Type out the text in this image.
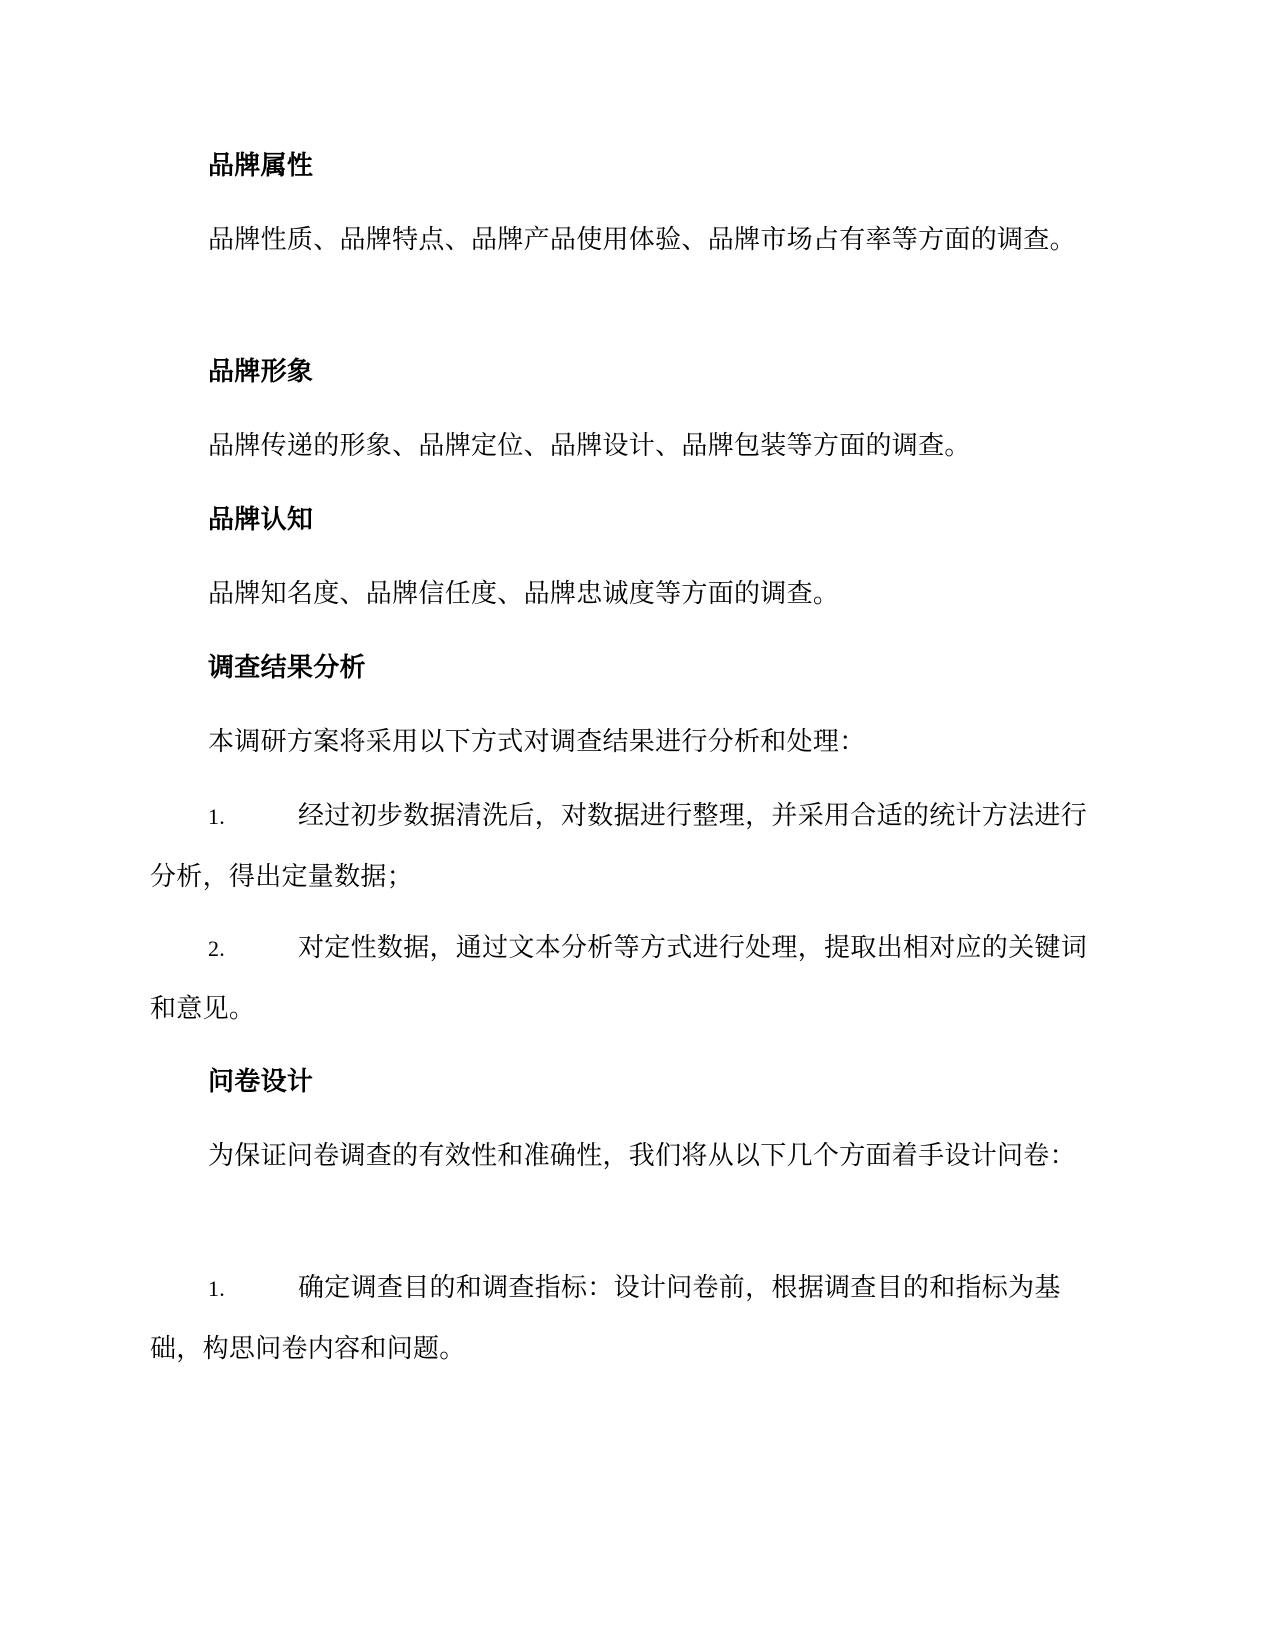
品牌属性
品牌性质、品牌特点、品牌产品使用体验、品牌市场占有率等方面的调查。
品牌形象
品牌传递的形象、品牌定位、品牌设计、品牌包装等方面的调查。
品牌认知
品牌知名度、品牌信任度、品牌忠诚度等方面的调查。
调查结果分析
本调研方案将采用以下方式对调查结果进行分析和处理：
1.	经过初步数据清洗后，对数据进行整理，并采用合适的统计方法进行分析，得出定量数据；
2.	对定性数据，通过文本分析等方式进行处理，提取出相对应的关键词和意见。
问卷设计
为保证问卷调查的有效性和准确性，我们将从以下几个方面着手设计问卷：
1.	确定调查目的和调查指标：设计问卷前，根据调查目的和指标为基础，构思问卷内容和问题。
